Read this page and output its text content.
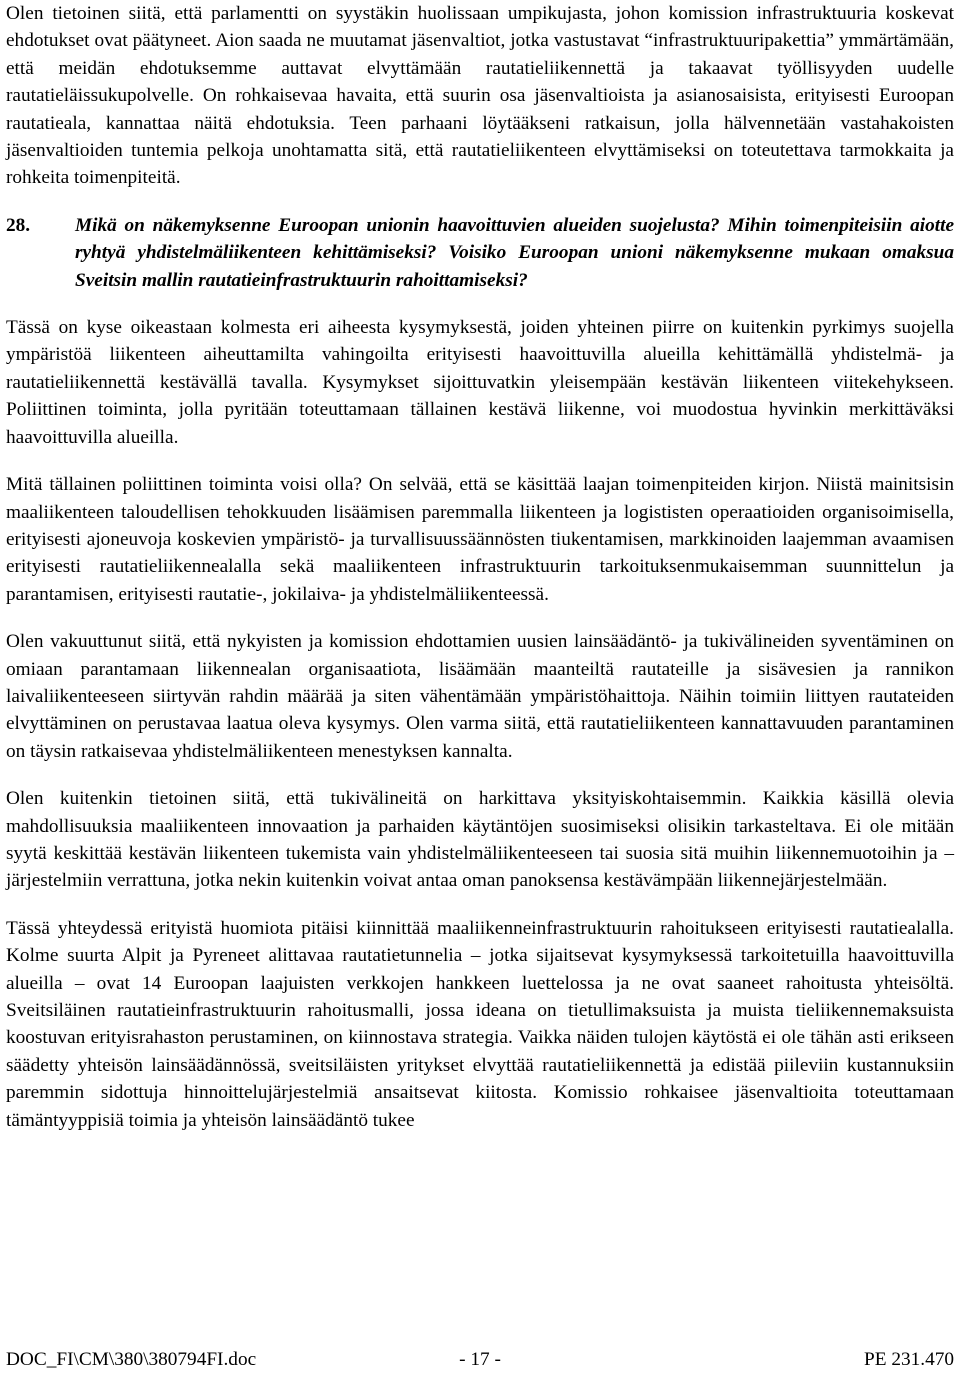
Olen tietoinen siitä, että parlamentti on syystäkin huolissaan umpikujasta, johon komission infrastruktuuria koskevat ehdotukset ovat päätyneet. Aion saada ne muutamat jäsenvaltiot, jotka vastustavat “infrastruktuuripakettia” ymmärtämään, että meidän ehdotuksemme auttavat elvyttämään rautatieliikennettä ja takaavat työllisyyden uudelle rautatieläissukupolvelle. On rohkaisevaa havaita, että suurin osa jäsenvaltioista ja asianosaisista, erityisesti Euroopan rautatieala, kannattaa näitä ehdotuksia. Teen parhaani löytääkseni ratkaisun, jolla hälvennetään vastahakoisten jäsenvaltioiden tuntemia pelkoja unohtamatta sitä, että rautatieliikenteen elvyttämiseksi on toteutettava tarmokkaita ja rohkeita toimenpiteitä.

28.	Mikä on näkemyksenne Euroopan unionin haavoittuvien alueiden suojelusta? Mihin toimenpiteisiin aiotte ryhtyä yhdistelmäliikenteen kehittämiseksi? Voisiko Euroopan unioni näkemyksenne mukaan omaksua Sveitsin mallin rautatieinfrastruktuurin rahoittamiseksi?

Tässä on kyse oikeastaan kolmesta eri aiheesta kysymyksestä, joiden yhteinen piirre on kuitenkin pyrkimys suojella ympäristöä liikenteen aiheuttamilta vahingoilta erityisesti haavoittuvilla alueilla kehittämällä yhdistelmä- ja rautatieliikennettä kestävällä tavalla. Kysymykset sijoittuvatkin yleisempään kestävän liikenteen viitekehykseen. Poliittinen toiminta, jolla pyritään toteuttamaan tällainen kestävä liikenne, voi muodostua hyvinkin merkittäväksi haavoittuvilla alueilla.

Mitä tällainen poliittinen toiminta voisi olla? On selvää, että se käsittää laajan toimenpiteiden kirjon. Niistä mainitsisin maaliikenteen taloudellisen tehokkuuden lisäämisen paremmalla liikenteen ja logististen operaatioiden organisoimisella, erityisesti ajoneuvoja koskevien ympäristö- ja turvallisuussäännösten tiukentamisen, markkinoiden laajemman avaamisen erityisesti rautatieliikennealalla sekä maaliikenteen infrastruktuurin tarkoituksenmukaisemman suunnittelun ja parantamisen, erityisesti rautatie-, jokilaiva- ja yhdistelmäliikenteessä.

Olen vakuuttunut siitä, että nykyisten ja komission ehdottamien uusien lainsäädäntö- ja tukivälineiden syventäminen on omiaan parantamaan liikennealan organisaatiota, lisäämään maanteiltä rautateille ja sisävesien ja rannikon laivaliikenteeseen siirtyvän rahdin määrää ja siten vähentämään ympäristöhaittoja. Näihin toimiin liittyen rautateiden elvyttäminen on perustavaa laatua oleva kysymys. Olen varma siitä, että rautatieliikenteen kannattavuuden parantaminen on täysin ratkaisevaa yhdistelmäliikenteen menestyksen kannalta.

Olen kuitenkin tietoinen siitä, että tukivälineitä on harkittava yksityiskohtaisemmin. Kaikkia käsillä olevia mahdollisuuksia maaliikenteen innovaation ja parhaiden käytäntöjen suosimiseksi olisikin tarkasteltava. Ei ole mitään syytä keskittää kestävän liikenteen tukemista vain yhdistelmäliikenteeseen tai suosia sitä muihin liikennemuotoihin ja –järjestelmiin verrattuna, jotka nekin kuitenkin voivat antaa oman panoksensa kestävämpään liikennejärjestelmään.

Tässä yhteydessä erityistä huomiota pitäisi kiinnittää maaliikenneinfrastruktuurin rahoitukseen erityisesti rautatiealalla. Kolme suurta Alpit ja Pyreneet alittavaa rautatietunnelia – jotka sijaitsevat kysymyksessä tarkoitetuilla haavoittuvilla alueilla – ovat 14 Euroopan laajuisten verkkojen hankkeen luettelossa ja ne ovat saaneet rahoitusta yhteisöltä. Sveitsiläinen rautatieinfrastruktuurin rahoitusmalli, jossa ideana on tietullimaksuista ja muista tieliikennemaksuista koostuvan erityisrahaston perustaminen, on kiinnostava strategia. Vaikka näiden tulojen käytöstä ei ole tähän asti erikseen säädetty yhteisön lainsäädännössä, sveitsiläisten yritykset elvyttää rautatieliikennettä ja edistää piileviin kustannuksiin paremmin sidottuja hinnoittelujärjestelmiä ansaitsevat kiitosta. Komissio rohkaisee jäsenvaltioita toteuttamaan tämäntyyppisiä toimia ja yhteisön lainsäädäntö tukee

DOC_FI\CM\380\380794FI.doc	- 17 -	PE 231.470
